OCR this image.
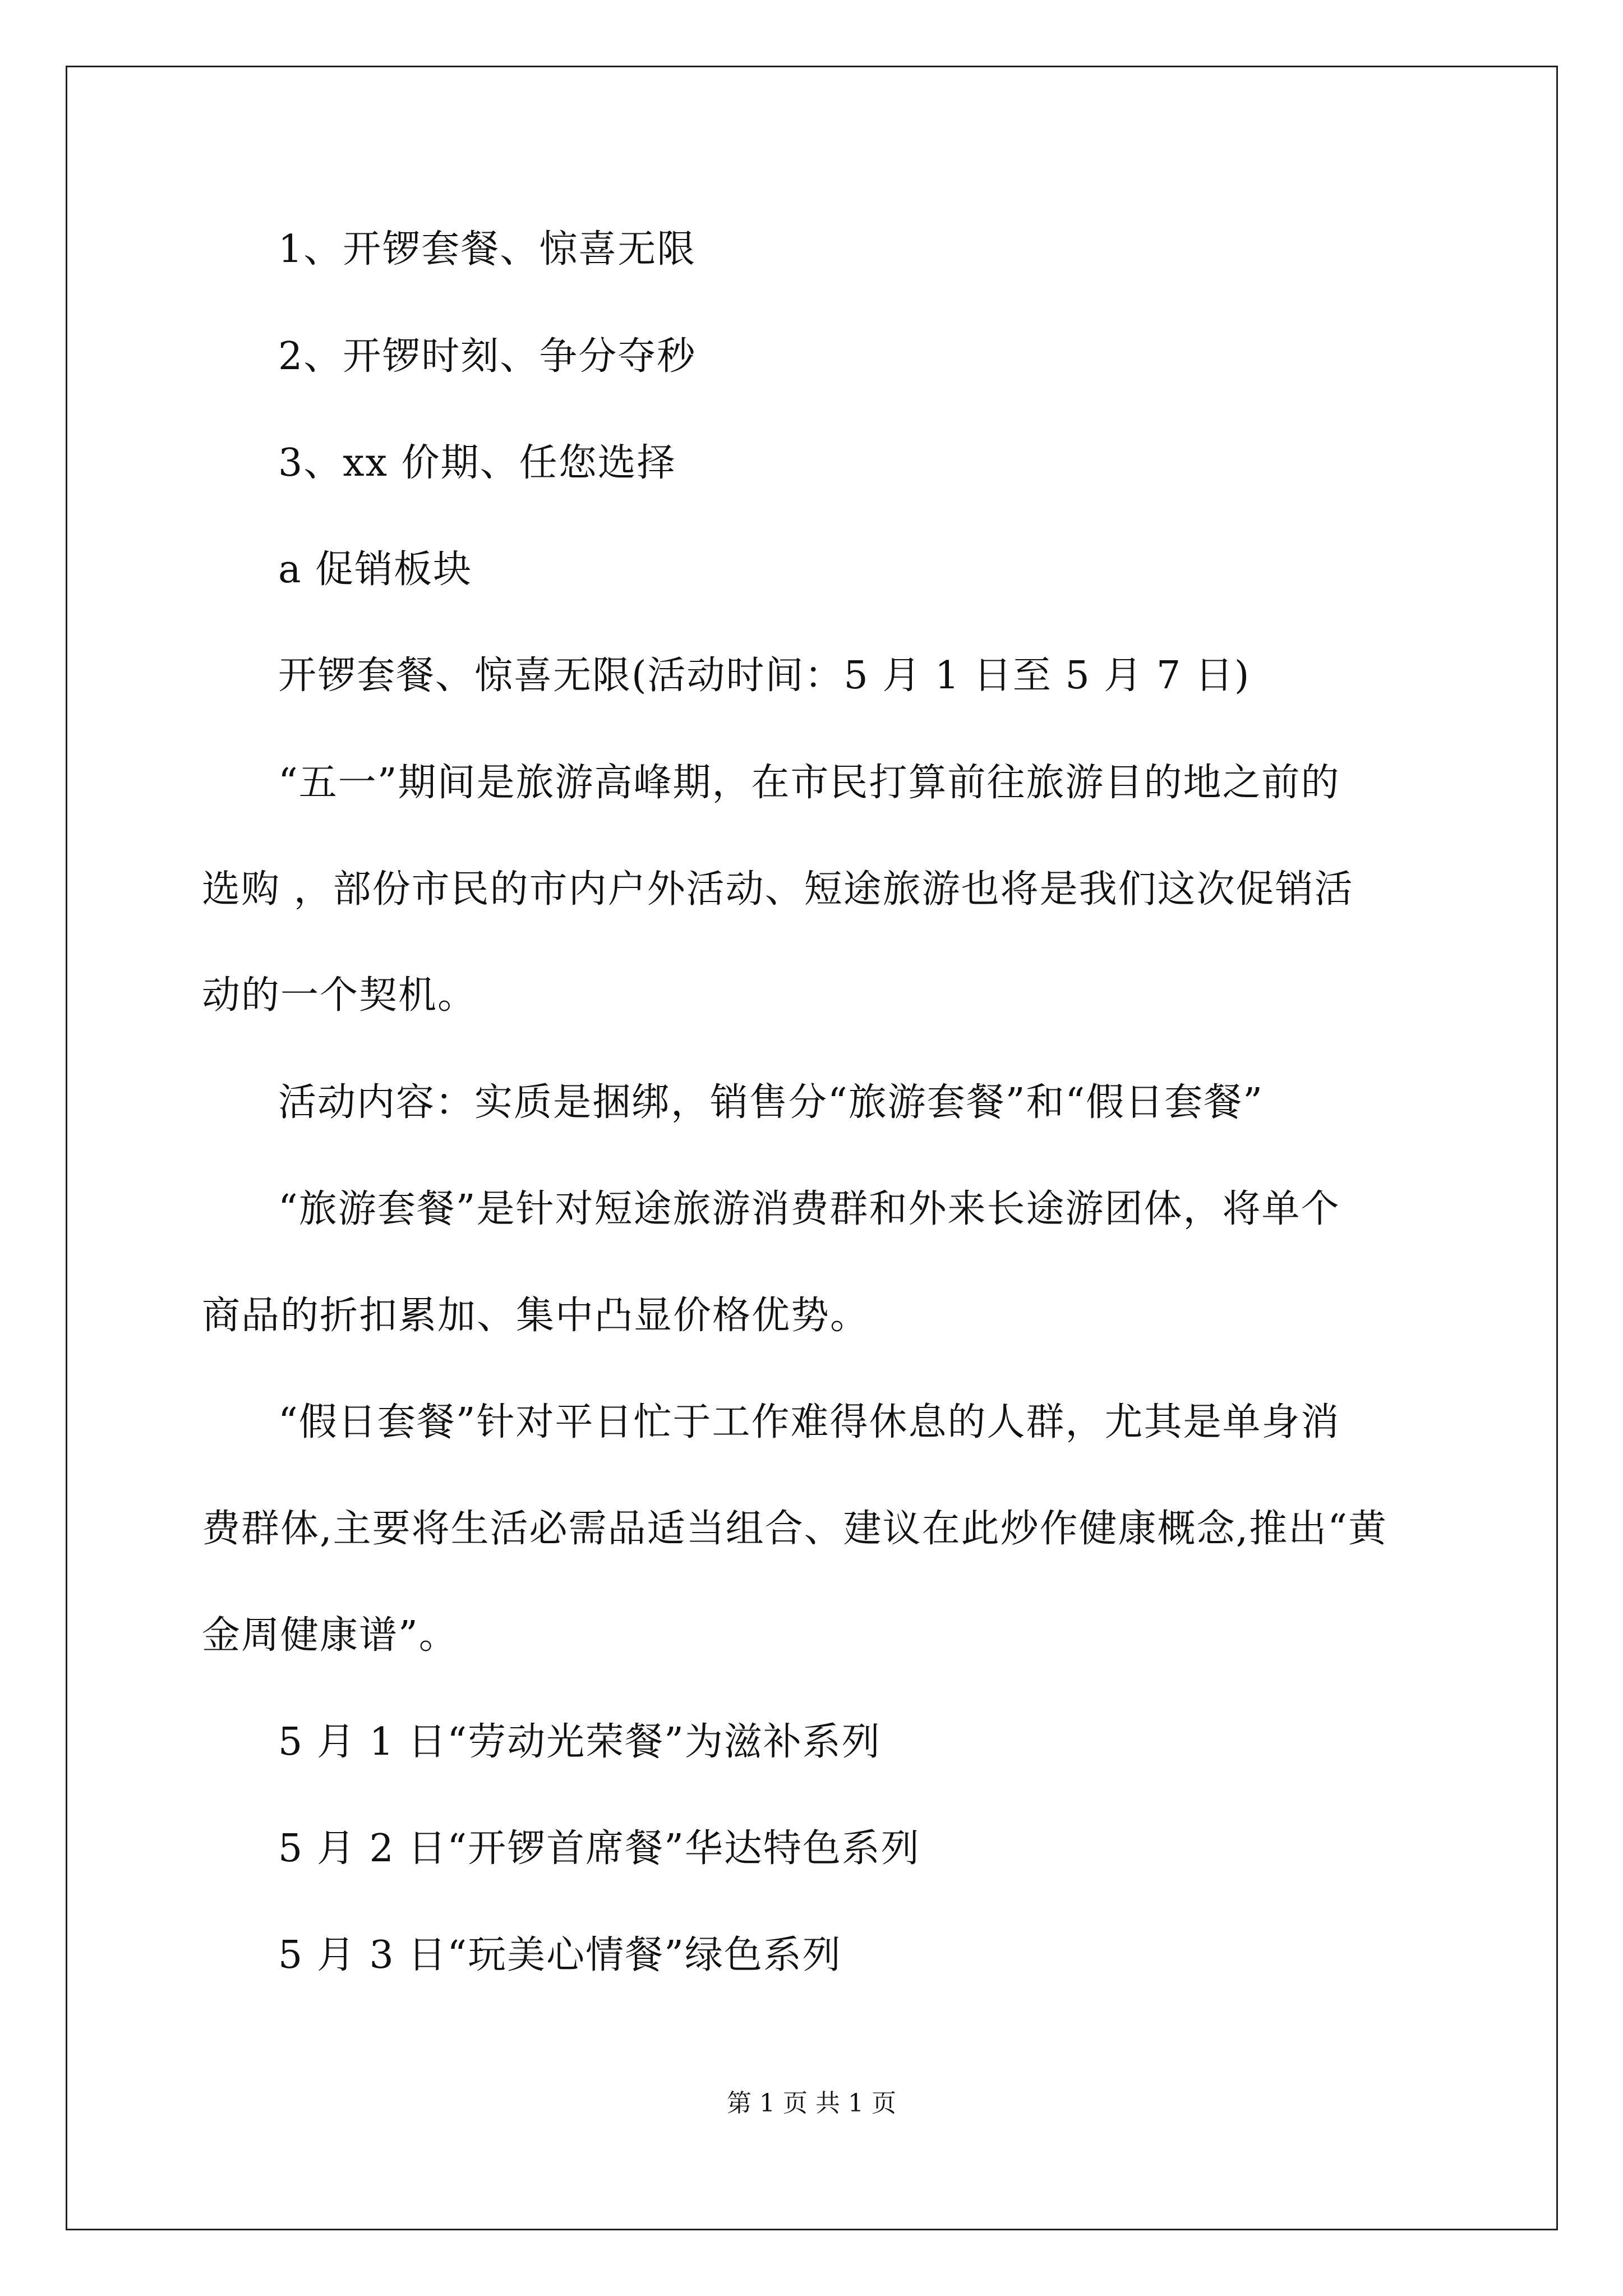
1、开锣套餐、惊喜无限
2、开锣时刻、争分夺秒
3、xx 价期、任您选择
a 促销板块
开锣套餐、惊喜无限(活动时间：5 月 1 日至 5 月 7 日)
“五一”期间是旅游高峰期，在市民打算前往旅游目的地之前的
选购 ，部份市民的市内户外活动、短途旅游也将是我们这次促销活
动的一个契机。
活动内容：实质是捆绑，销售分“旅游套餐”和“假日套餐”
“旅游套餐”是针对短途旅游消费群和外来长途游团体，将单个
商品的折扣累加、集中凸显价格优势。
“假日套餐”针对平日忙于工作难得休息的人群，尤其是单身消
费群体,主要将生活必需品适当组合、建议在此炒作健康概念,推出“黄
金周健康谱”。
5 月 1 日“劳动光荣餐”为滋补系列
5 月 2 日“开锣首席餐”华达特色系列
5 月 3 日“玩美心情餐”绿色系列
第 1 页 共 1 页
